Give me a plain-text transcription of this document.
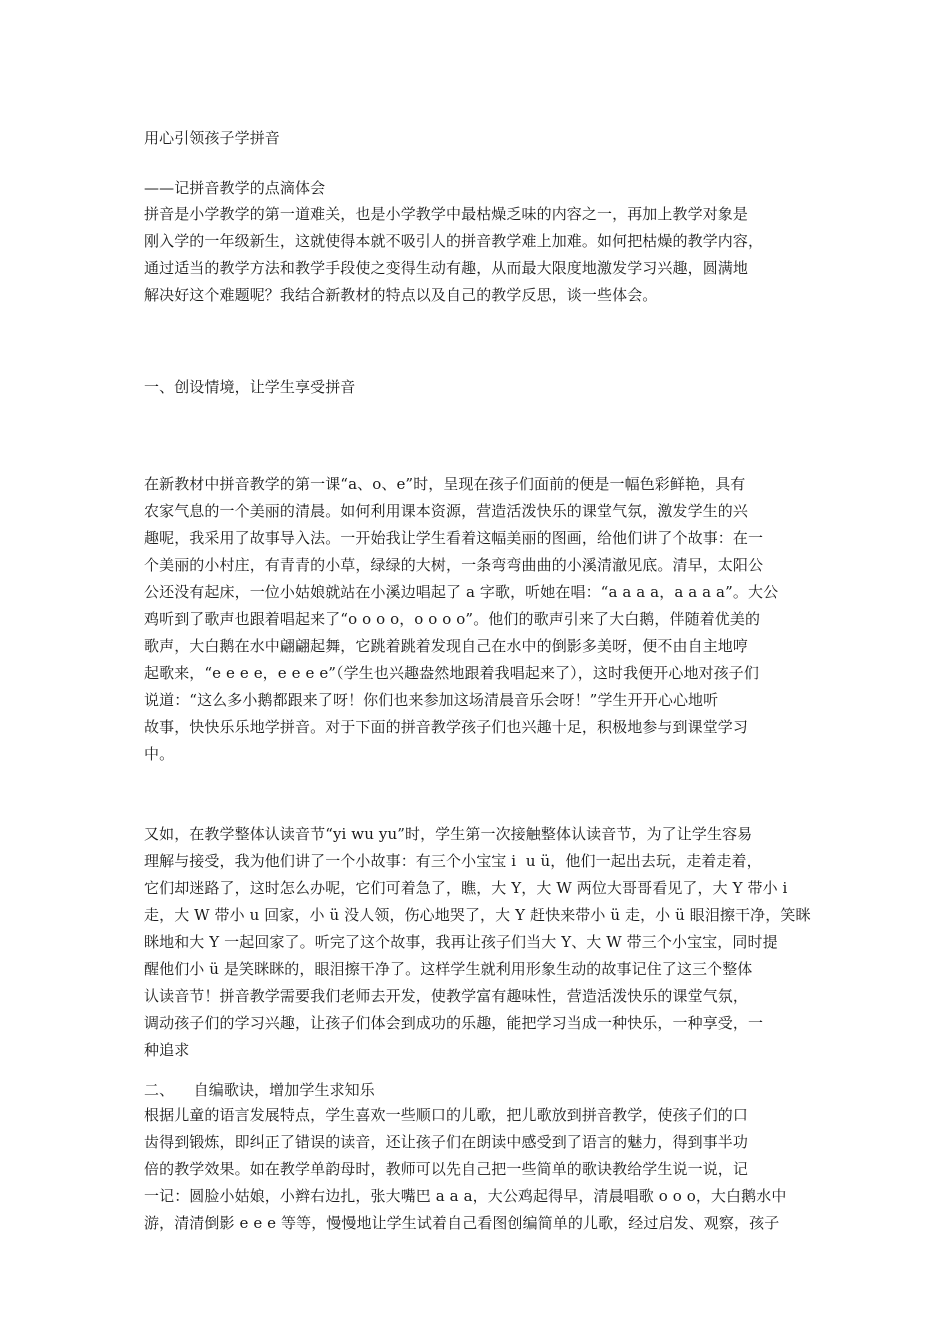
用心引领孩子学拼音
——记拼音教学的点滴体会
拼音是小学教学的第一道难关，也是小学教学中最枯燥乏味的内容之一，再加上教学对象是
刚入学的一年级新生，这就使得本就不吸引人的拼音教学难上加难。如何把枯燥的教学内容，
通过适当的教学方法和教学手段使之变得生动有趣，从而最大限度地激发学习兴趣，圆满地
解决好这个难题呢？我结合新教材的特点以及自己的教学反思，谈一些体会。
一、创设情境，让学生享受拼音
在新教材中拼音教学的第一课“a、o、e”时，呈现在孩子们面前的便是一幅色彩鲜艳，具有
农家气息的一个美丽的清晨。如何利用课本资源，营造活泼快乐的课堂气氛，激发学生的兴
趣呢，我采用了故事导入法。一开始我让学生看着这幅美丽的图画，给他们讲了个故事：在一
个美丽的小村庄，有青青的小草，绿绿的大树，一条弯弯曲曲的小溪清澈见底。清早，太阳公
公还没有起床，一位小姑娘就站在小溪边唱起了 a 字歌，听她在唱：“a a a a，a a a a”。大公
鸡听到了歌声也跟着唱起来了“o o o o，o o o o”。他们的歌声引来了大白鹅，伴随着优美的
歌声，大白鹅在水中翩翩起舞，它跳着跳着发现自己在水中的倒影多美呀，便不由自主地哼
起歌来，“e e e e，e e e e”（学生也兴趣盎然地跟着我唱起来了），这时我便开心地对孩子们
说道：“这么多小鹅都跟来了呀！你们也来参加这场清晨音乐会呀！”学生开开心心地听
故事，快快乐乐地学拼音。对于下面的拼音教学孩子们也兴趣十足，积极地参与到课堂学习
中。
又如，在教学整体认读音节“yi wu yu”时，学生第一次接触整体认读音节，为了让学生容易
理解与接受，我为他们讲了一个小故事：有三个小宝宝 i  u ü，他们一起出去玩，走着走着，
它们却迷路了，这时怎么办呢，它们可着急了，瞧，大 Y，大 W 两位大哥哥看见了，大 Y 带小 i
走，大 W 带小 u 回家，小 ü 没人领，伤心地哭了，大 Y 赶快来带小 ü 走，小 ü 眼泪擦干净，笑眯
眯地和大 Y 一起回家了。听完了这个故事，我再让孩子们当大 Y、大 W 带三个小宝宝，同时提
醒他们小 ü 是笑眯眯的，眼泪擦干净了。这样学生就利用形象生动的故事记住了这三个整体
认读音节！拼音教学需要我们老师去开发，使教学富有趣味性，营造活泼快乐的课堂气氛，
调动孩子们的学习兴趣，让孩子们体会到成功的乐趣，能把学习当成一种快乐，一种享受，一
种追求
二、    自编歌诀，增加学生求知乐
根据儿童的语言发展特点，学生喜欢一些顺口的儿歌，把儿歌放到拼音教学，使孩子们的口
齿得到锻炼，即纠正了错误的读音，还让孩子们在朗读中感受到了语言的魅力，得到事半功
倍的教学效果。如在教学单韵母时，教师可以先自己把一些简单的歌诀教给学生说一说，记
一记：圆脸小姑娘，小辫右边扎，张大嘴巴 a a a，大公鸡起得早，清晨唱歌 o o o，大白鹅水中
游，清清倒影 e e e 等等，慢慢地让学生试着自己看图创编简单的儿歌，经过启发、观察，孩子
